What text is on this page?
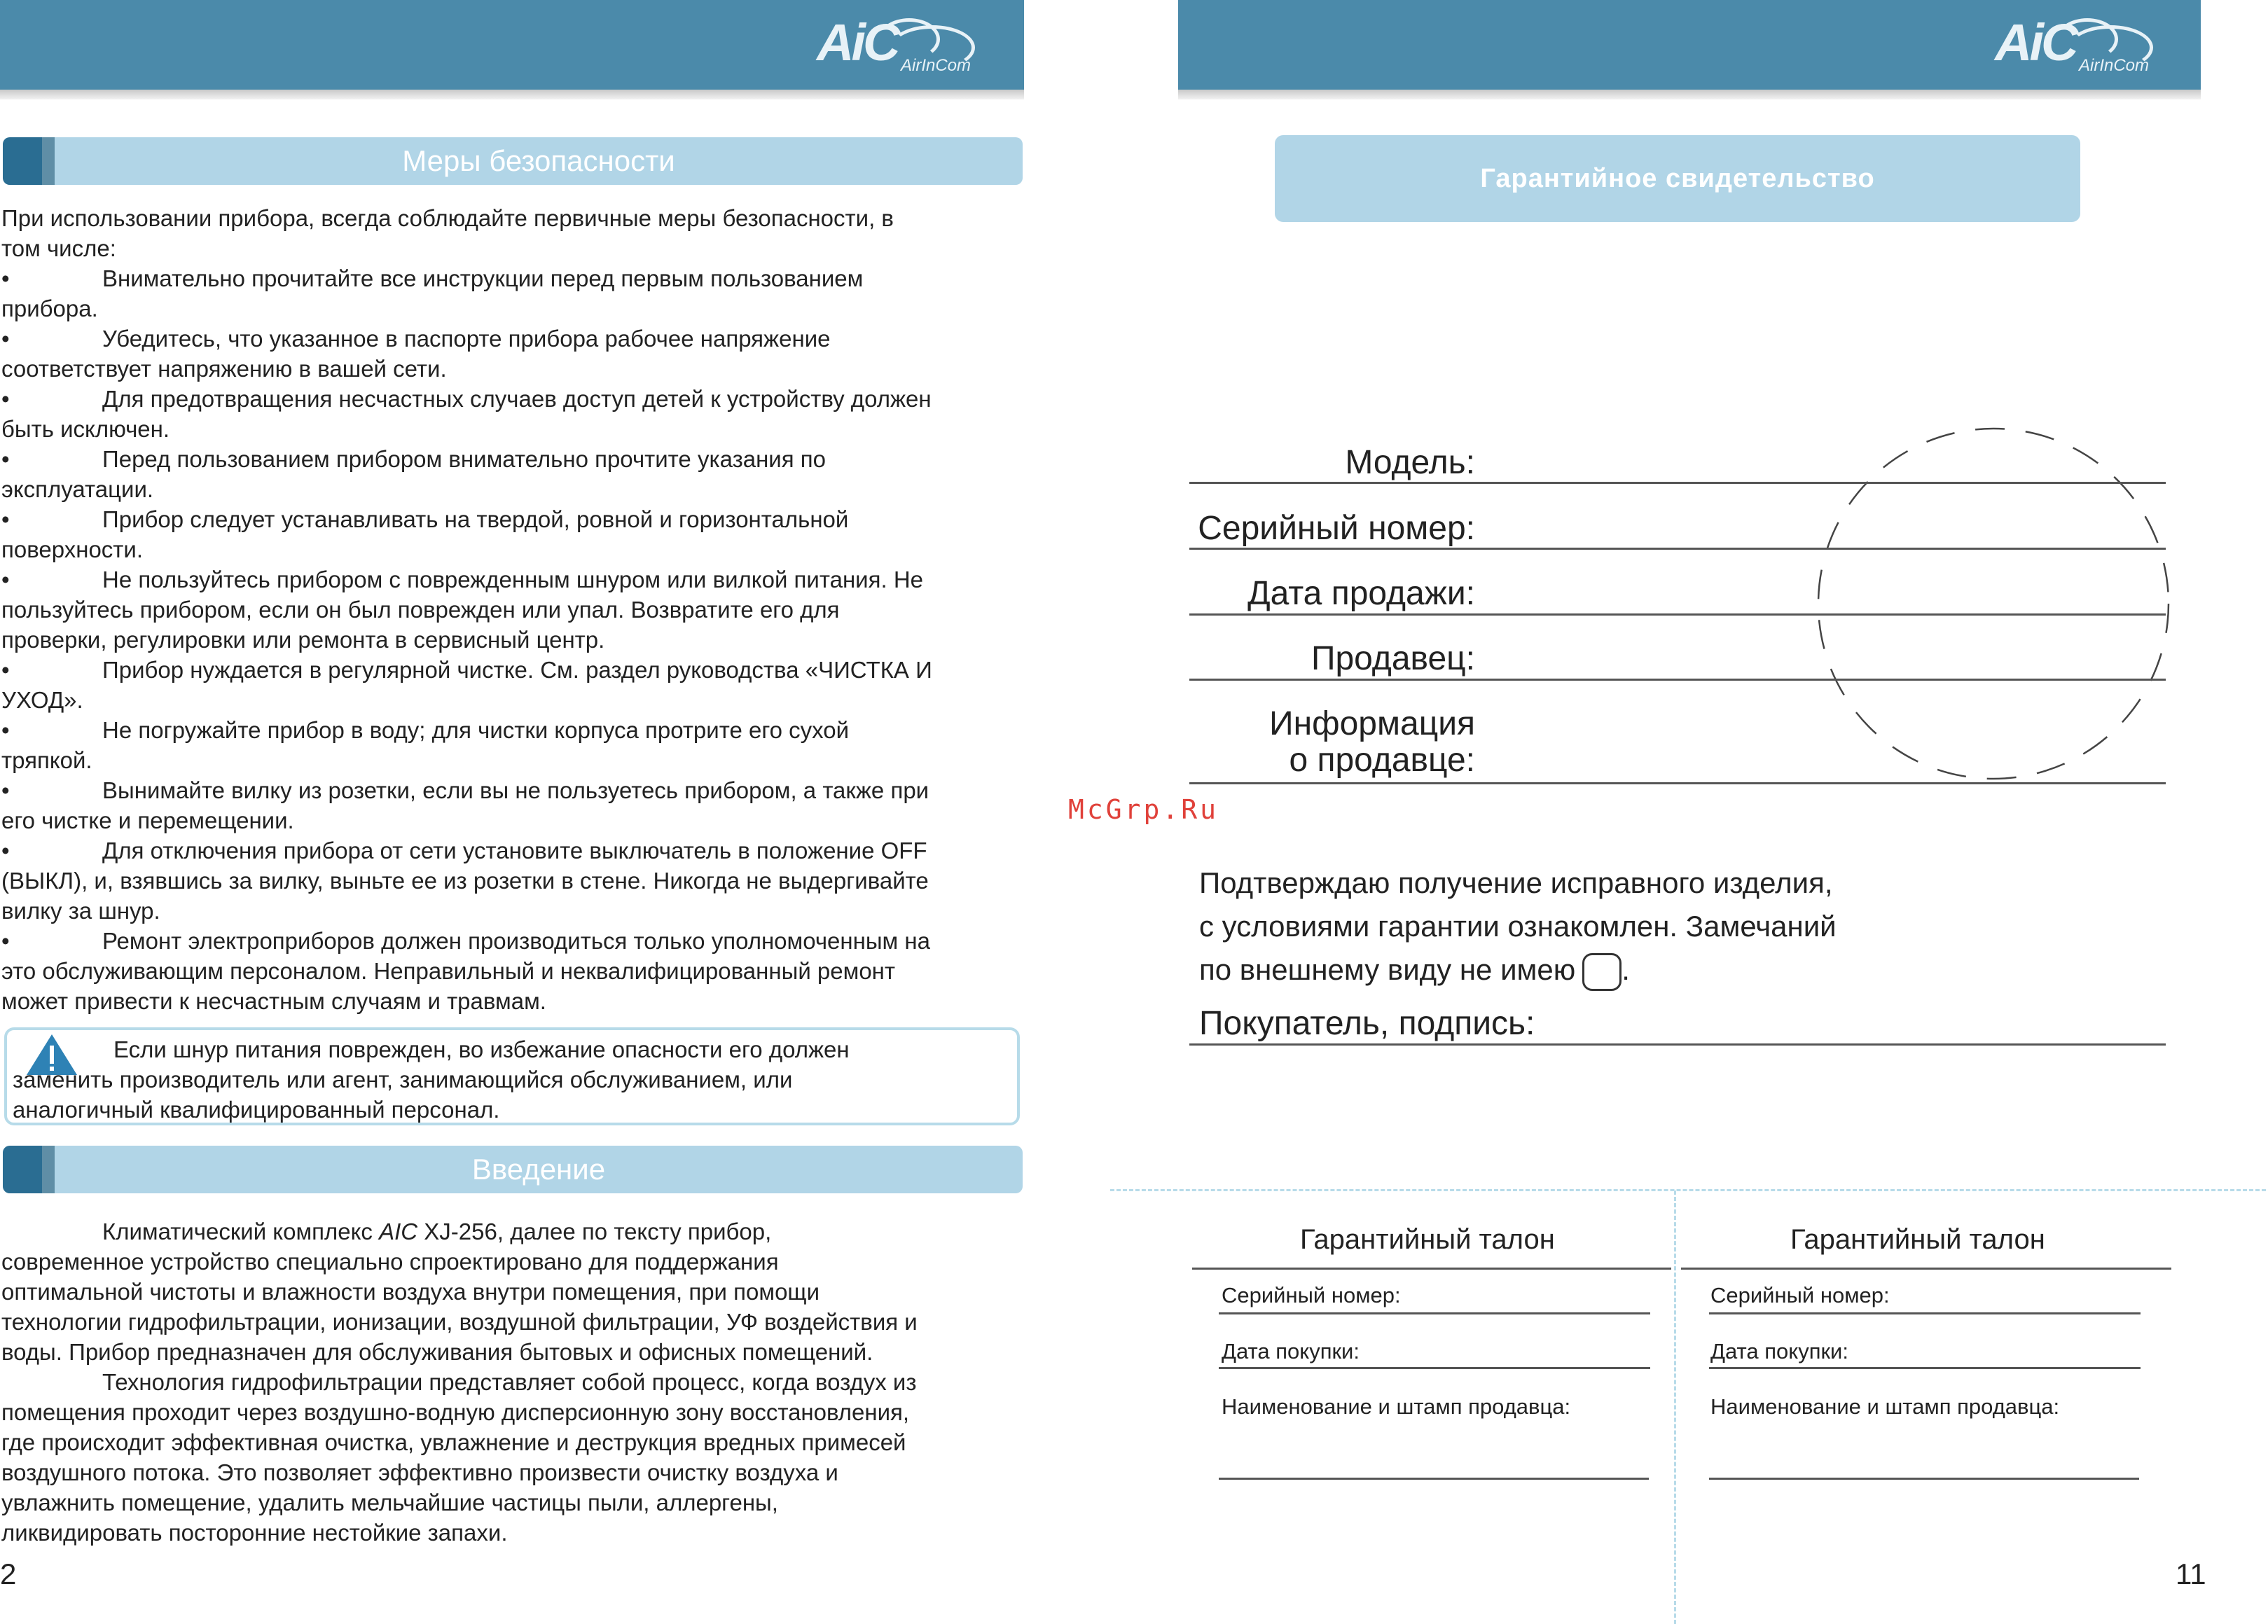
AiC AirInCom
Меры безопасности

При использовании прибора, всегда соблюдайте первичные меры безопасности, в

том числе:

•	Внимательно прочитайте все инструкции перед первым пользованием

прибора.

•	Убедитесь, что указанное в паспорте прибора рабочее напряжение

соответствует напряжению в вашей сети.

•	Для предотвращения несчастных случаев доступ детей к устройству должен

быть исключен.

•	Перед пользованием прибором внимательно прочтите указания по

эксплуатации.

•	Прибор следует устанавливать на твердой, ровной и горизонтальной

поверхности.

•	Не пользуйтесь прибором с поврежденным шнуром или вилкой питания. Не

пользуйтесь прибором, если он был поврежден или упал. Возвратите его для

проверки, регулировки или ремонта в сервисный центр.

•	Прибор нуждается в регулярной чистке. См. раздел руководства «ЧИСТКА И

УХОД».

•	Не погружайте прибор в воду; для чистки корпуса протрите его сухой

тряпкой.

•	Вынимайте вилку из розетки, если вы не пользуетесь прибором, а также при

его чистке и перемещении.

•	Для отключения прибора от сети установите выключатель в положение OFF

(ВЫКЛ), и, взявшись за вилку, выньте ее из розетки в стене. Никогда не выдергивайте

вилку за шнур.

•	Ремонт электроприборов должен производиться только уполномоченным на

это обслуживающим персоналом. Неправильный и неквалифицированный ремонт

может привести к несчастным случаям и травмам.

Если шнур питания поврежден, во избежание опасности его должен
заменить производитель или агент, занимающийся обслуживанием, или
аналогичный квалифицированный персонал.
Введение

Климатический комплекс AIC XJ-256, далее по тексту прибор,

современное устройство специально спроектировано для поддержания

оптимальной чистоты и влажности воздуха внутри помещения, при помощи

технологии гидрофильтрации, ионизации, воздушной фильтрации, УФ воздействия и

воды. Прибор предназначен для обслуживания бытовых и офисных помещений.

Технология гидрофильтрации представляет собой процесс, когда воздух из

помещения проходит через воздушно-водную дисперсионную зону восстановления,

где происходит эффективная очистка, увлажнение и деструкция вредных примесей

воздушного потока. Это позволяет эффективно произвести очистку воздуха и

увлажнить помещение, удалить мельчайшие частицы пыли, аллергены,

ликвидировать посторонние нестойкие запахи.

2
AiC AirInCom
Гарантийное свидетельство
Модель:
Серийный номер:
Дата продажи:
Продавец:
Информация
о продавце:
McGrp.Ru
Подтверждаю получение исправного изделия,
с условиями гарантии ознакомлен. Замечаний
по внешнему виду не имею .
Покупатель, подпись:
Гарантийный талон
Серийный номер:
Дата покупки:
Наименование и штамп продавца:
Гарантийный талон
Серийный номер:
Дата покупки:
Наименование и штамп продавца:
11
